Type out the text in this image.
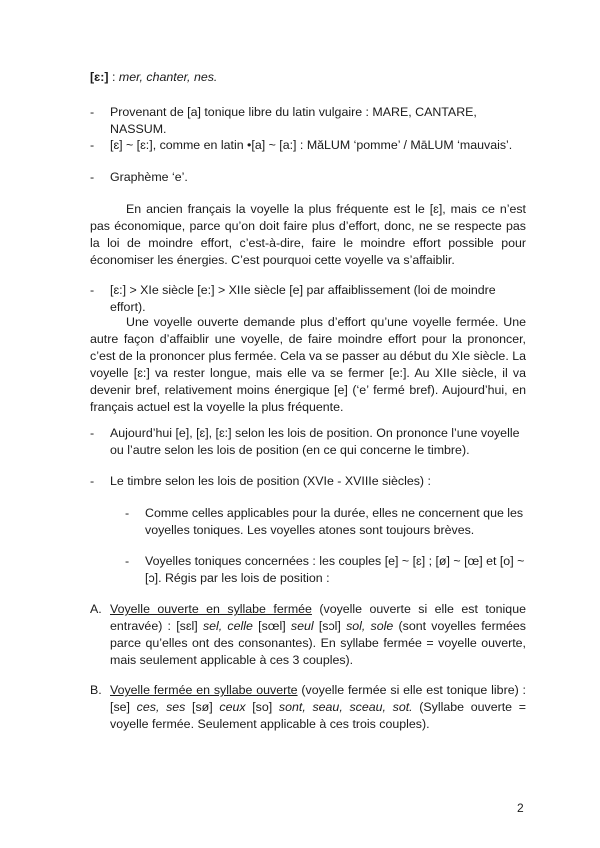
[ɛ:] : mer, chanter, nes.
-	Provenant de [a] tonique libre du latin vulgaire : MARE, CANTARE, NASSUM.
-	[ɛ] ~ [ɛ:], comme en latin •[a] ~ [a:] : MăLUM ‘pomme’ / MāLUM ‘mauvais’.
-	Graphème ‘e’.
En ancien français la voyelle la plus fréquente est le [ɛ], mais ce n’est pas économique, parce qu’on doit faire plus d’effort, donc, ne se respecte pas la loi de moindre effort, c’est-à-dire, faire le moindre effort possible pour économiser les énergies. C’est pourquoi cette voyelle va s’affaiblir.
-	[ɛ:] > XIe siècle [e:] > XIIe siècle [e] par affaiblissement (loi de moindre effort).
Une voyelle ouverte demande plus d’effort qu’une voyelle fermée. Une autre façon d’affaiblir une voyelle, de faire moindre effort pour la prononcer, c’est de la prononcer plus fermée. Cela va se passer au début du XIe siècle. La voyelle [ɛ:] va rester longue, mais elle va se fermer [e:]. Au XIIe siècle, il va devenir bref, relativement moins énergique [e] (‘e’ fermé bref). Aujourd’hui, en français actuel est la voyelle la plus fréquente.
-	Aujourd’hui [e], [ɛ], [ɛ:] selon les lois de position. On prononce l’une voyelle ou l’autre selon les lois de position (en ce qui concerne le timbre).
-	Le timbre selon les lois de position (XVIe - XVIIIe siècles) :
-	Comme celles applicables pour la durée, elles ne concernent que les voyelles toniques. Les voyelles atones sont toujours brèves.
-	Voyelles toniques concernées : les couples [e] ~ [ɛ] ; [ø] ~ [œ] et [o] ~ [ɔ]. Régis par les lois de position :
A. Voyelle ouverte en syllabe fermée (voyelle ouverte si elle est tonique entravée) : [sɛl] sel, celle [sœl] seul [sɔl] sol, sole (sont voyelles fermées parce qu’elles ont des consonantes). En syllabe fermée = voyelle ouverte, mais seulement applicable à ces 3 couples).
B. Voyelle fermée en syllabe ouverte (voyelle fermée si elle est tonique libre) : [se] ces, ses [sø] ceux [so] sont, seau, sceau, sot. (Syllabe ouverte = voyelle fermée. Seulement applicable à ces trois couples).
2
